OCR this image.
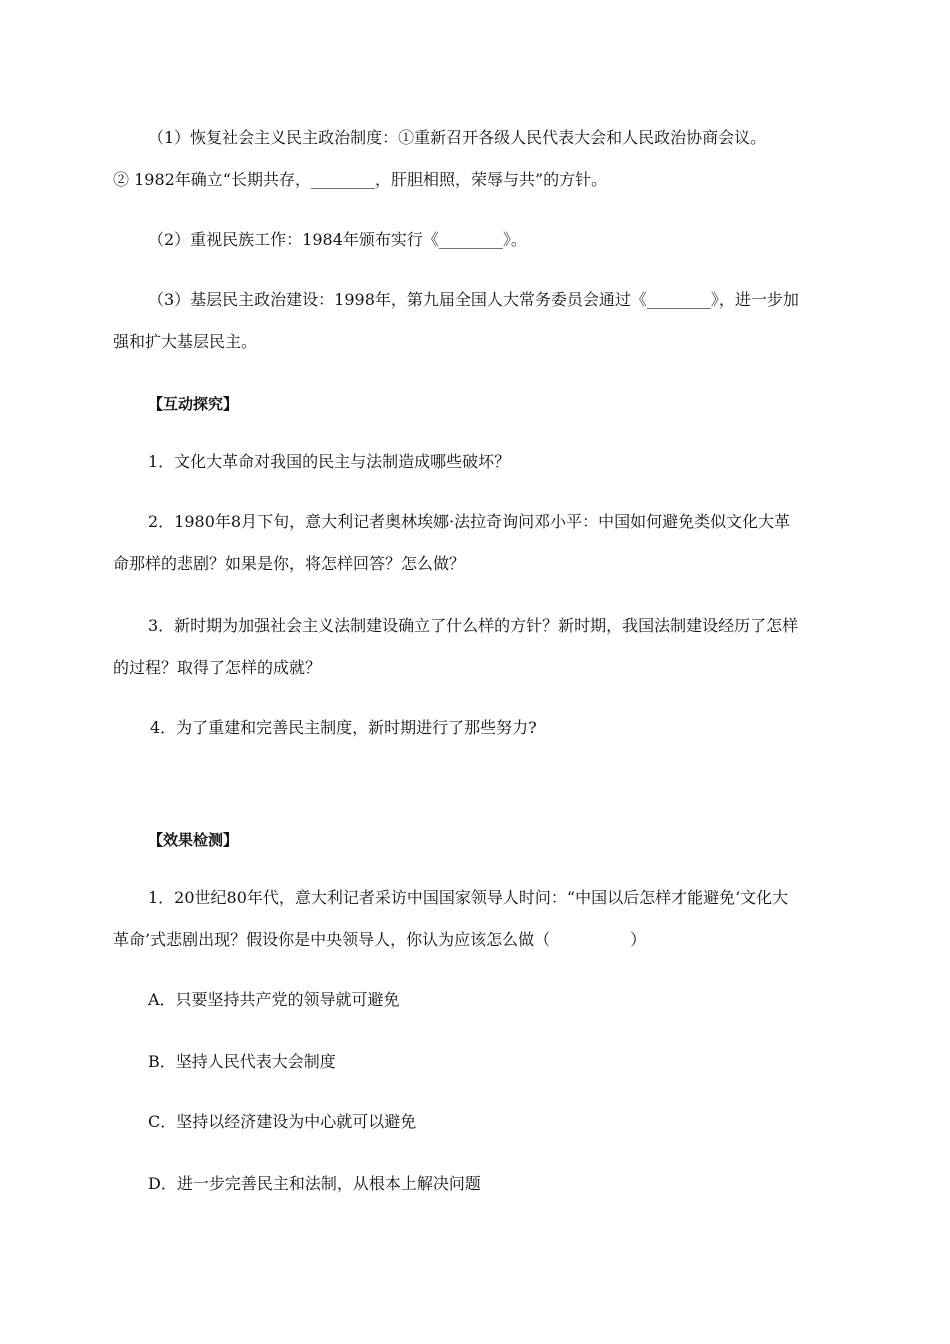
（1）恢复社会主义民主政治制度：①重新召开各级人民代表大会和人民政治协商会议。
② 1982年确立“长期共存，________，肝胆相照，荣辱与共”的方针。
（2）重视民族工作：1984年颁布实行《________》。
（3）基层民主政治建设：1998年，第九届全国人大常务委员会通过《________》，进一步加
强和扩大基层民主。
【互动探究】
1．文化大革命对我国的民主与法制造成哪些破坏？
2．1980年8月下旬，意大利记者奥林埃娜·法拉奇询问邓小平：中国如何避免类似文化大革
命那样的悲剧？如果是你，将怎样回答？怎么做？
3．新时期为加强社会主义法制建设确立了什么样的方针？新时期，我国法制建设经历了怎样
的过程？取得了怎样的成就？
4．为了重建和完善民主制度，新时期进行了那些努力?
【效果检测】
1．20世纪80年代，意大利记者采访中国国家领导人时问：“中国以后怎样才能避免‘文化大
革命’式悲剧出现？假设你是中央领导人，你认为应该怎么做（　　　　　）
A．只要坚持共产党的领导就可避免
B．坚持人民代表大会制度
C．坚持以经济建设为中心就可以避免
D．进一步完善民主和法制，从根本上解决问题
